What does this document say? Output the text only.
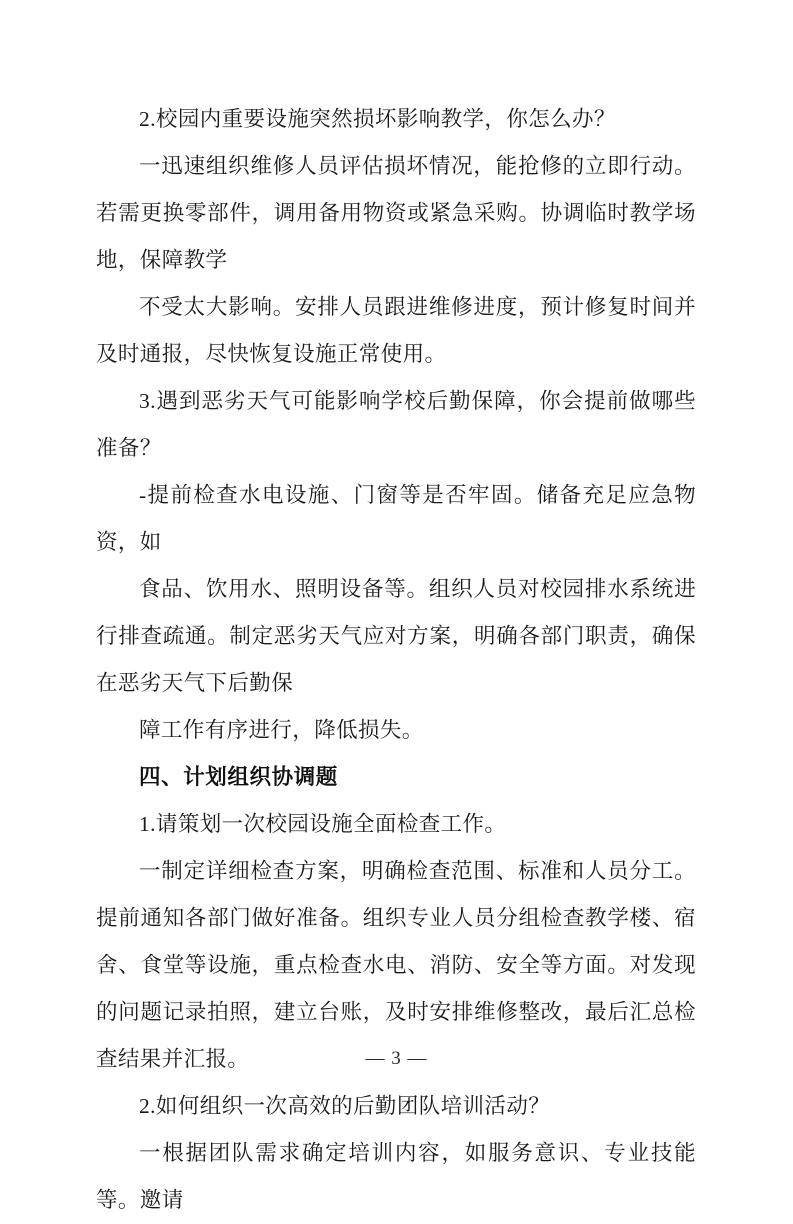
2.校园内重要设施突然损坏影响教学，你怎么办？

一迅速组织维修人员评估损坏情况，能抢修的立即行动。若需更换零部件，调用备用物资或紧急采购。协调临时教学场地，保障教学

不受太大影响。安排人员跟进维修进度，预计修复时间并及时通报，尽快恢复设施正常使用。

3.遇到恶劣天气可能影响学校后勤保障，你会提前做哪些准备？

-提前检查水电设施、门窗等是否牢固。储备充足应急物资，如

食品、饮用水、照明设备等。组织人员对校园排水系统进行排查疏通。制定恶劣天气应对方案，明确各部门职责，确保在恶劣天气下后勤保

障工作有序进行，降低损失。

四、计划组织协调题

1.请策划一次校园设施全面检查工作。

一制定详细检查方案，明确检查范围、标准和人员分工。提前通知各部门做好准备。组织专业人员分组检查教学楼、宿舍、食堂等设施，重点检查水电、消防、安全等方面。对发现的问题记录拍照，建立台账，及时安排维修整改，最后汇总检查结果并汇报。

2.如何组织一次高效的后勤团队培训活动？

一根据团队需求确定培训内容，如服务意识、专业技能等。邀请

— 3 —
